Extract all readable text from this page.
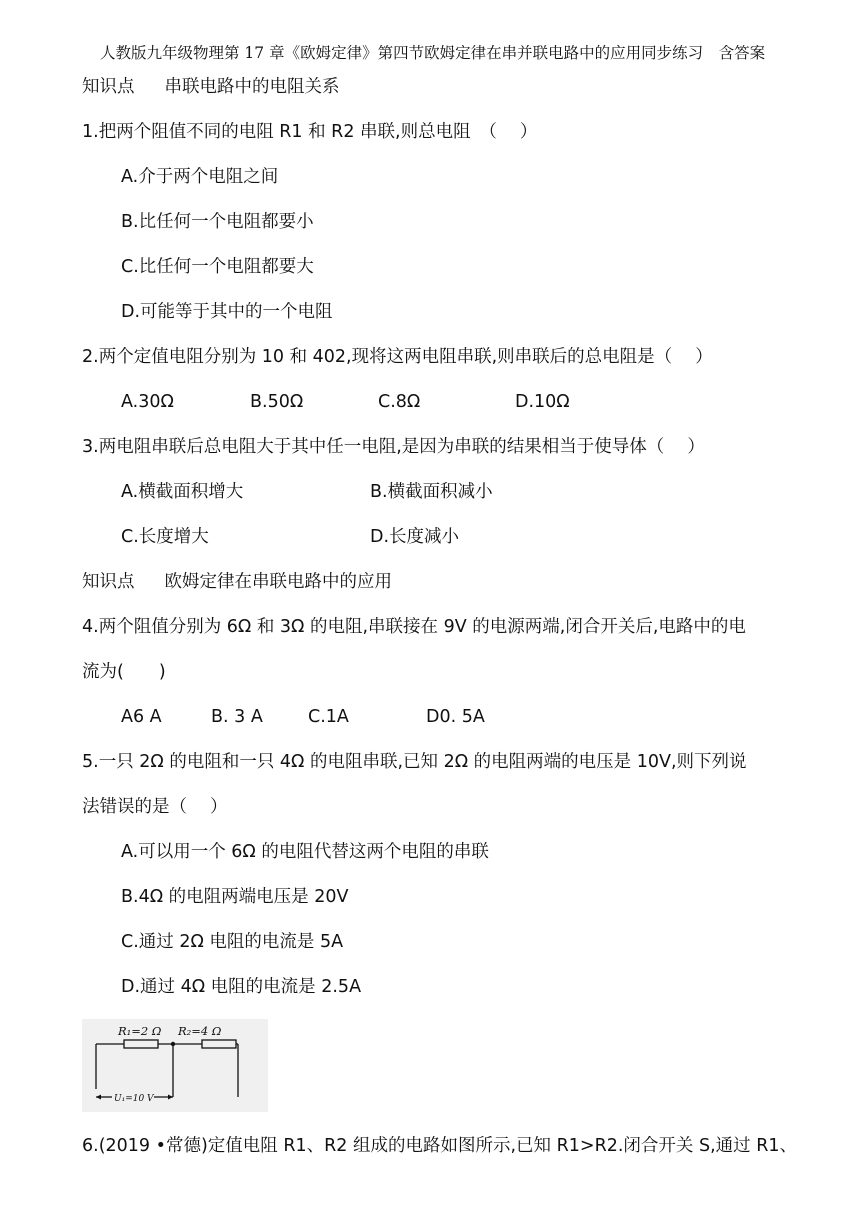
人教版九年级物理第 17 章《欧姆定律》第四节欧姆定律在串并联电路中的应用同步练习　含答案
知识点 串联电路中的电阻关系
1.把两个阻值不同的电阻 R1 和 R2 串联,则总电阻　（　 ）
A.介于两个电阻之间
B.比任何一个电阻都要小
C.比任何一个电阻都要大
D.可能等于其中的一个电阻
2.两个定值电阻分别为 10 和 402,现将这两电阻串联,则串联后的总电阻是（　 ）
A.30Ω	B.50Ω	C.8Ω	D.10Ω
3.两电阻串联后总电阻大于其中任一电阻,是因为串联的结果相当于使导体（　 ）
A.横截面积增大	B.横截面积减小
C.长度增大	D.长度减小
知识点 欧姆定律在串联电路中的应用
4.两个阻值分别为 6Ω 和 3Ω 的电阻,串联接在 9V 的电源两端,闭合开关后,电路中的电
流为(　　)
A6 A	B. 3 A	C.1A	D0. 5A
5.一只 2Ω 的电阻和一只 4Ω 的电阻串联,已知 2Ω 的电阻两端的电压是 10V,则下列说
法错误的是（　 ）
A.可以用一个 6Ω 的电阻代替这两个电阻的串联
B.4Ω 的电阻两端电压是 20V
C.通过 2Ω 电阻的电流是 5A
D.通过 4Ω 电阻的电流是 2.5A
R₁=2 Ω R₂=4 Ω
U₁=10 V
6.(2019 •常德)定值电阻 R1、R2 组成的电路如图所示,已知 R1>R2.闭合开关 S,通过 R1、
